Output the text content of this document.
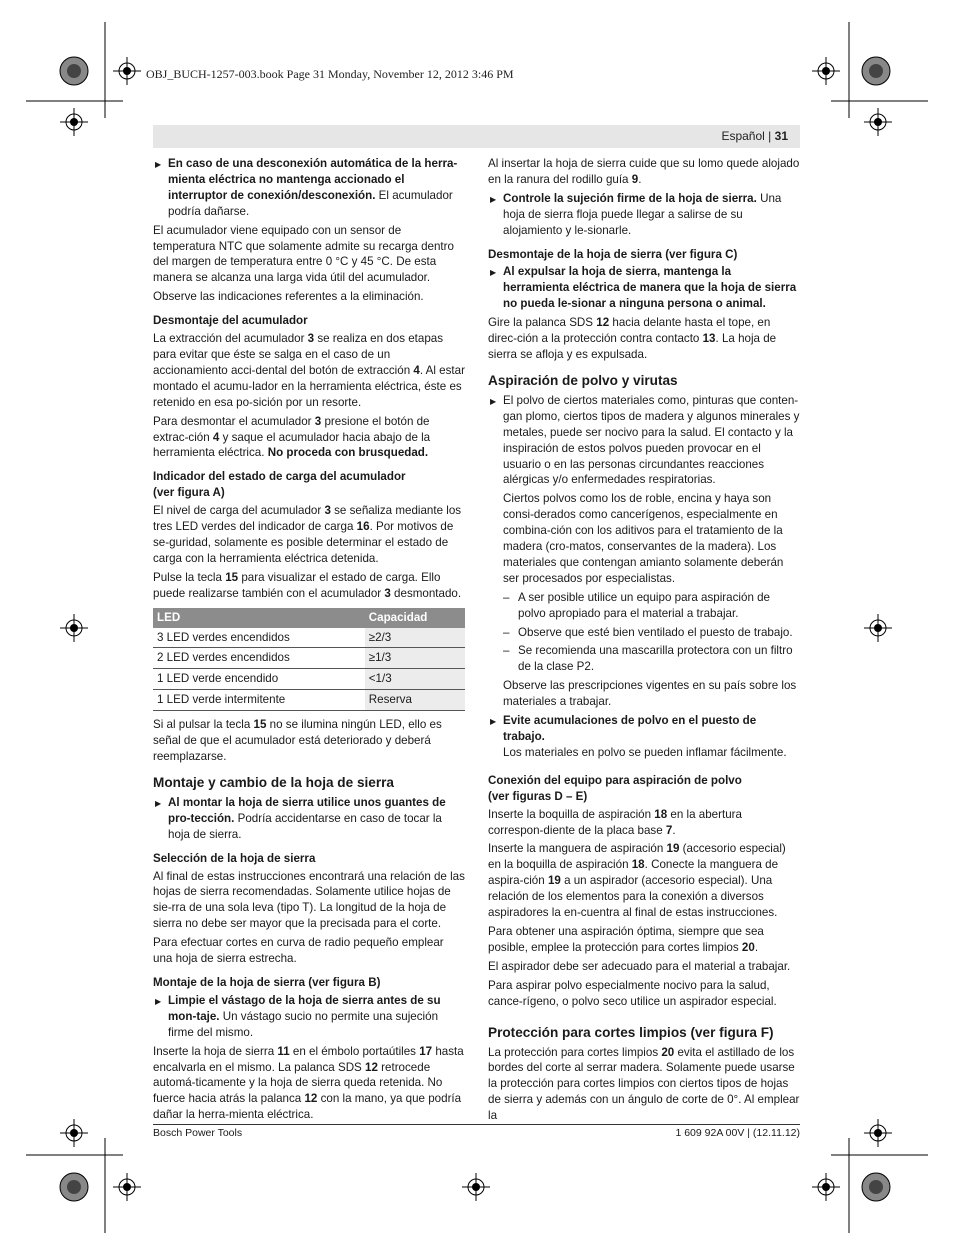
OBJ_BUCH-1257-003.book Page 31 Monday, November 12, 2012 3:46 PM
Español | 31

▶ En caso de una desconexión automática de la herra-mienta eléctrica no mantenga accionado el interruptor de conexión/desconexión. El acumulador podría dañarse.

El acumulador viene equipado con un sensor de temperatura NTC que solamente admite su recarga dentro del margen de temperatura entre 0 °C y 45 °C. De esta manera se alcanza una larga vida útil del acumulador.

Observe las indicaciones referentes a la eliminación.

Desmontaje del acumulador

La extracción del acumulador 3 se realiza en dos etapas para evitar que éste se salga en el caso de un accionamiento acci-dental del botón de extracción 4. Al estar montado el acumu-lador en la herramienta eléctrica, éste es retenido en esa po-sición por un resorte.

Para desmontar el acumulador 3 presione el botón de extrac-ción 4 y saque el acumulador hacia abajo de la herramienta eléctrica. No proceda con brusquedad.

Indicador del estado de carga del acumulador
(ver figura A)

El nivel de carga del acumulador 3 se señaliza mediante los tres LED verdes del indicador de carga 16. Por motivos de se-guridad, solamente es posible determinar el estado de carga con la herramienta eléctrica detenida.

Pulse la tecla 15 para visualizar el estado de carga. Ello puede realizarse también con el acumulador 3 desmontado.

LED	Capacidad
3 LED verdes encendidos	≥2/3
2 LED verdes encendidos	≥1/3
1 LED verde encendido	<1/3
1 LED verde intermitente	Reserva

Si al pulsar la tecla 15 no se ilumina ningún LED, ello es señal de que el acumulador está deteriorado y deberá reemplazarse.

Montaje y cambio de la hoja de sierra

▶ Al montar la hoja de sierra utilice unos guantes de pro-tección. Podría accidentarse en caso de tocar la hoja de sierra.

Selección de la hoja de sierra

Al final de estas instrucciones encontrará una relación de las hojas de sierra recomendadas. Solamente utilice hojas de sie-rra de una sola leva (tipo T). La longitud de la hoja de sierra no debe ser mayor que la precisada para el corte.

Para efectuar cortes en curva de radio pequeño emplear una hoja de sierra estrecha.

Montaje de la hoja de sierra (ver figura B)

▶ Limpie el vástago de la hoja de sierra antes de su mon-taje. Un vástago sucio no permite una sujeción firme del mismo.

Inserte la hoja de sierra 11 en el émbolo portaútiles 17 hasta encalvarla en el mismo. La palanca SDS 12 retrocede automá-ticamente y la hoja de sierra queda retenida. No fuerce hacia atrás la palanca 12 con la mano, ya que podría dañar la herra-mienta eléctrica.

Al insertar la hoja de sierra cuide que su lomo quede alojado en la ranura del rodillo guía 9.

▶ Controle la sujeción firme de la hoja de sierra. Una hoja de sierra floja puede llegar a salirse de su alojamiento y le-sionarle.

Desmontaje de la hoja de sierra (ver figura C)

▶ Al expulsar la hoja de sierra, mantenga la herramienta eléctrica de manera que la hoja de sierra no pueda le-sionar a ninguna persona o animal.

Gire la palanca SDS 12 hacia delante hasta el tope, en direc-ción a la protección contra contacto 13. La hoja de sierra se afloja y es expulsada.

Aspiración de polvo y virutas

▶ El polvo de ciertos materiales como, pinturas que conten-gan plomo, ciertos tipos de madera y algunos minerales y metales, puede ser nocivo para la salud. El contacto y la inspiración de estos polvos pueden provocar en el usuario o en las personas circundantes reacciones alérgicas y/o enfermedades respiratorias.

Ciertos polvos como los de roble, encina y haya son consi-derados como cancerígenos, especialmente en combina-ción con los aditivos para el tratamiento de la madera (cro-matos, conservantes de la madera). Los materiales que contengan amianto solamente deberán ser procesados por especialistas.

– A ser posible utilice un equipo para aspiración de polvo apropiado para el material a trabajar.

– Observe que esté bien ventilado el puesto de trabajo.

– Se recomienda una mascarilla protectora con un filtro de la clase P2.

Observe las prescripciones vigentes en su país sobre los materiales a trabajar.

▶ Evite acumulaciones de polvo en el puesto de trabajo.
Los materiales en polvo se pueden inflamar fácilmente.

Conexión del equipo para aspiración de polvo
(ver figuras D – E)

Inserte la boquilla de aspiración 18 en la abertura correspon-diente de la placa base 7.

Inserte la manguera de aspiración 19 (accesorio especial) en la boquilla de aspiración 18. Conecte la manguera de aspira-ción 19 a un aspirador (accesorio especial). Una relación de los elementos para la conexión a diversos aspiradores la en-cuentra al final de estas instrucciones.

Para obtener una aspiración óptima, siempre que sea posible, emplee la protección para cortes limpios 20.

El aspirador debe ser adecuado para el material a trabajar.

Para aspirar polvo especialmente nocivo para la salud, cance-rígeno, o polvo seco utilice un aspirador especial.

Protección para cortes limpios (ver figura F)

La protección para cortes limpios 20 evita el astillado de los bordes del corte al serrar madera. Solamente puede usarse la protección para cortes limpios con ciertos tipos de hojas de sierra y además con un ángulo de corte de 0°. Al emplear la

Bosch Power Tools	1 609 92A 00V | (12.11.12)
